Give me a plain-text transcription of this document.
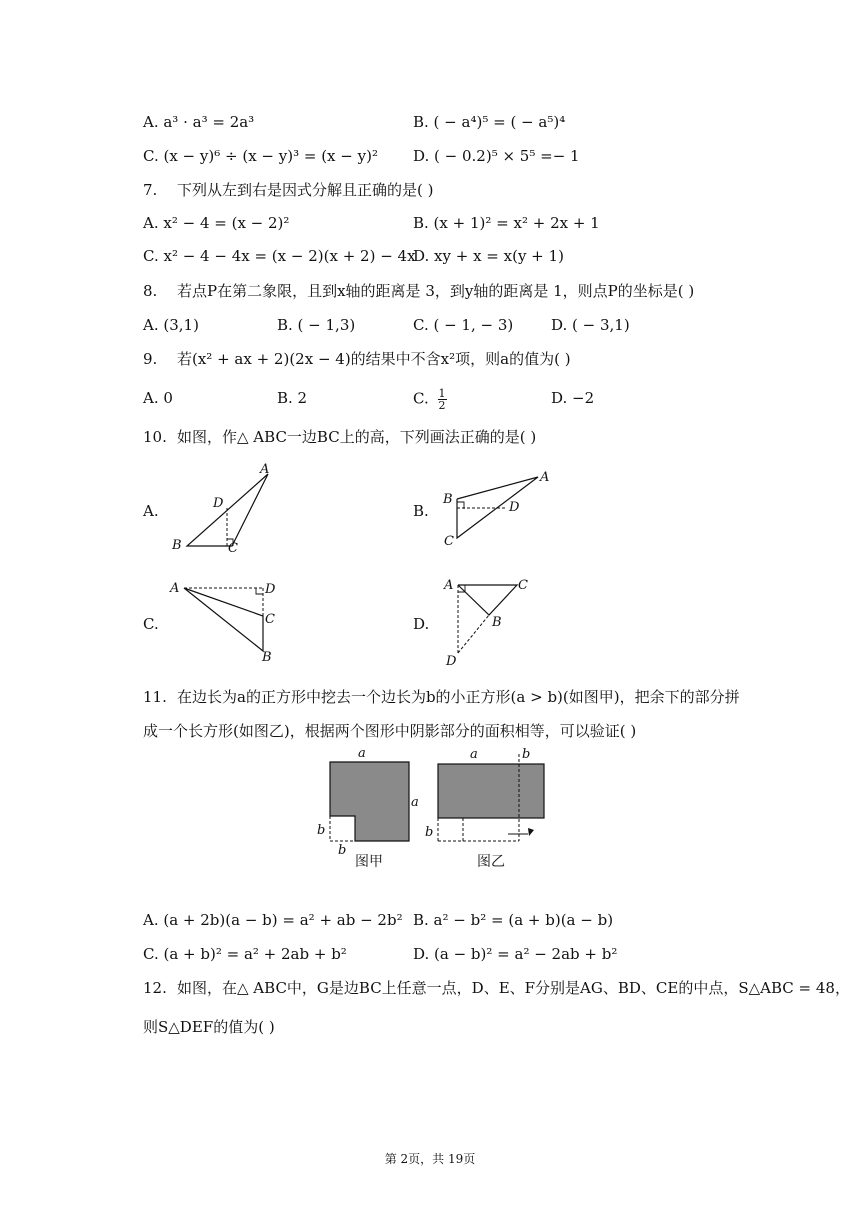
A. a³ · a³ = 2a³	B. ( − a⁴)⁵ = ( − a⁵)⁴
C. (x − y)⁶ ÷ (x − y)³ = (x − y)² D. ( − 0.2)⁵ × 5⁵ =− 1
7. 下列从左到右是因式分解且正确的是( )
A. x² − 4 = (x − 2)²	B. (x + 1)² = x² + 2x + 1
C. x² − 4 − 4x = (x − 2)(x + 2) − 4x
D. xy + x = x(y + 1)
8. 若点P在第二象限，且到x轴的距离是 3，到y轴的距离是 1，则点P的坐标是( )
A. (3,1)	B. ( − 1,3)	C. ( − 1, − 3)	D. ( − 3,1)
9. 若(x² + ax + 2)(2x − 4)的结果中不含x²项，则a的值为( )
A. 0	B. 2	C. $\frac{1}{2}$	D. −2
10. 如图，作△ ABC一边BC上的高，下列画法正确的是( )
A.
A
D
B	C
B.
A
B
D
C
C.
A	D
C
B
D.
A	C
B
D
11. 在边长为a的正方形中挖去一个边长为b的小正方形(a > b)(如图甲)，把余下的部分拼
成一个长方形(如图乙)，根据两个图形中阴影部分的面积相等，可以验证( )
a
a
b
b
a	b
b
图甲	图乙
A. (a + 2b)(a − b) = a² + ab − 2b² B. a² − b² = (a + b)(a − b)
C. (a + b)² = a² + 2ab + b²	D. (a − b)² = a² − 2ab + b²
12. 如图，在△ ABC中，G是边BC上任意一点，D、E、F分别是AG、BD、CE的中点，S△ABC = 48，
则S△DEF的值为( )
第 2页，共 19页
